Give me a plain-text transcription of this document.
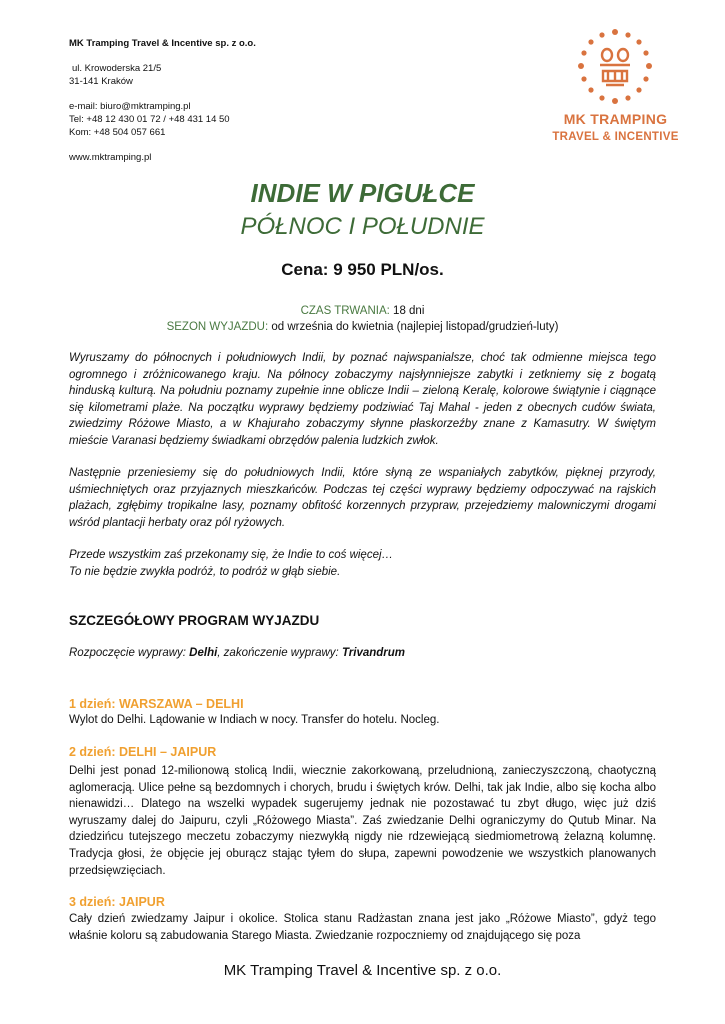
MK Tramping Travel & Incentive sp. z o.o.
ul. Krowoderska 21/5
31-141 Kraków
e-mail: biuro@mktramping.pl
Tel: +48 12 430 01 72 / +48 431 14 50
Kom: +48 504 057 661
www.mktramping.pl
MK TRAMPING
TRAVEL & INCENTIVE
INDIE W PIGUŁCE
PÓŁNOC I POŁUDNIE
Cena: 9 950 PLN/os.
CZAS TRWANIA: 18 dni
SEZON WYJAZDU: od września do kwietnia (najlepiej listopad/grudzień-luty)
Wyruszamy do północnych i południowych Indii, by poznać najwspanialsze, choć tak odmienne miejsca tego ogromnego i zróżnicowanego kraju. Na północy zobaczymy najsłynniejsze zabytki i zetkniemy się z bogatą hinduską kulturą. Na południu poznamy zupełnie inne oblicze Indii – zieloną Keralę, kolorowe świątynie i ciągnące się kilometrami plaże. Na początku wyprawy będziemy podziwiać Taj Mahal - jeden z obecnych cudów świata, zwiedzimy Różowe Miasto, a w Khajuraho zobaczymy słynne płaskorzeźby znane z Kamasutry. W świętym mieście Varanasi będziemy świadkami obrzędów palenia ludzkich zwłok.
Następnie przeniesiemy się do południowych Indii, które słyną ze wspaniałych zabytków, pięknej przyrody, uśmiechniętych oraz przyjaznych mieszkańców. Podczas tej części wyprawy będziemy odpoczywać na rajskich plażach, zgłębimy tropikalne lasy, poznamy obfitość korzennych przypraw, przejedziemy malowniczymi drogami wśród plantacji herbaty oraz pól ryżowych.
Przede wszystkim zaś przekonamy się, że Indie to coś więcej…
To nie będzie zwykła podróż, to podróż w głąb siebie.
SZCZEGÓŁOWY PROGRAM WYJAZDU
Rozpoczęcie wyprawy: Delhi, zakończenie wyprawy: Trivandrum
1 dzień: WARSZAWA – DELHI
Wylot do Delhi. Lądowanie w Indiach w nocy. Transfer do hotelu. Nocleg.
2 dzień: DELHI – JAIPUR
Delhi jest ponad 12-milionową stolicą Indii, wiecznie zakorkowaną, przeludnioną, zanieczyszczoną, chaotyczną aglomeracją. Ulice pełne są bezdomnych i chorych, brudu i świętych krów. Delhi, tak jak Indie, albo się kocha albo nienawidzi… Dlatego na wszelki wypadek sugerujemy jednak nie pozostawać tu zbyt długo, więc już dziś wyruszamy dalej do Jaipuru, czyli „Różowego Miasta”. Zaś zwiedzanie Delhi ograniczymy do Qutub Minar. Na dziedzińcu tutejszego meczetu zobaczymy niezwykłą nigdy nie rdzewiejącą siedmiometrową żelazną kolumnę. Tradycja głosi, że objęcie jej oburącz stając tyłem do słupa, zapewni powodzenie we wszystkich planowanych przedsięwzięciach.
3 dzień: JAIPUR
Cały dzień zwiedzamy Jaipur i okolice. Stolica stanu Radżastan znana jest jako „Różowe Miasto”, gdyż tego właśnie koloru są zabudowania Starego Miasta. Zwiedzanie rozpoczniemy od znajdującego się poza
MK Tramping Travel & Incentive sp. z o.o.
